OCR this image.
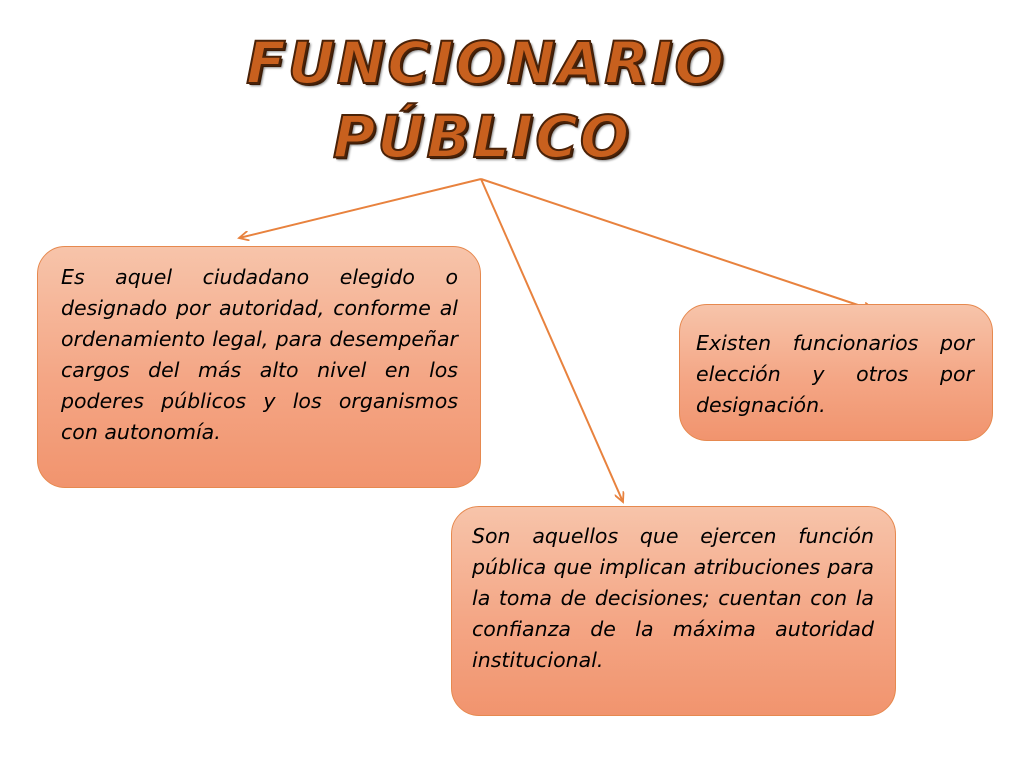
FUNCIONARIO
PÚBLICO
Es aquel ciudadano elegido o designado por autoridad, conforme al ordenamiento legal, para desempeñar cargos del más alto nivel en los poderes públicos y los organismos con autonomía.
Existen funcionarios por elección y otros por designación.
Son aquellos que ejercen función pública que implican atribuciones para la toma de decisiones; cuentan con la confianza de la máxima autoridad institucional.
